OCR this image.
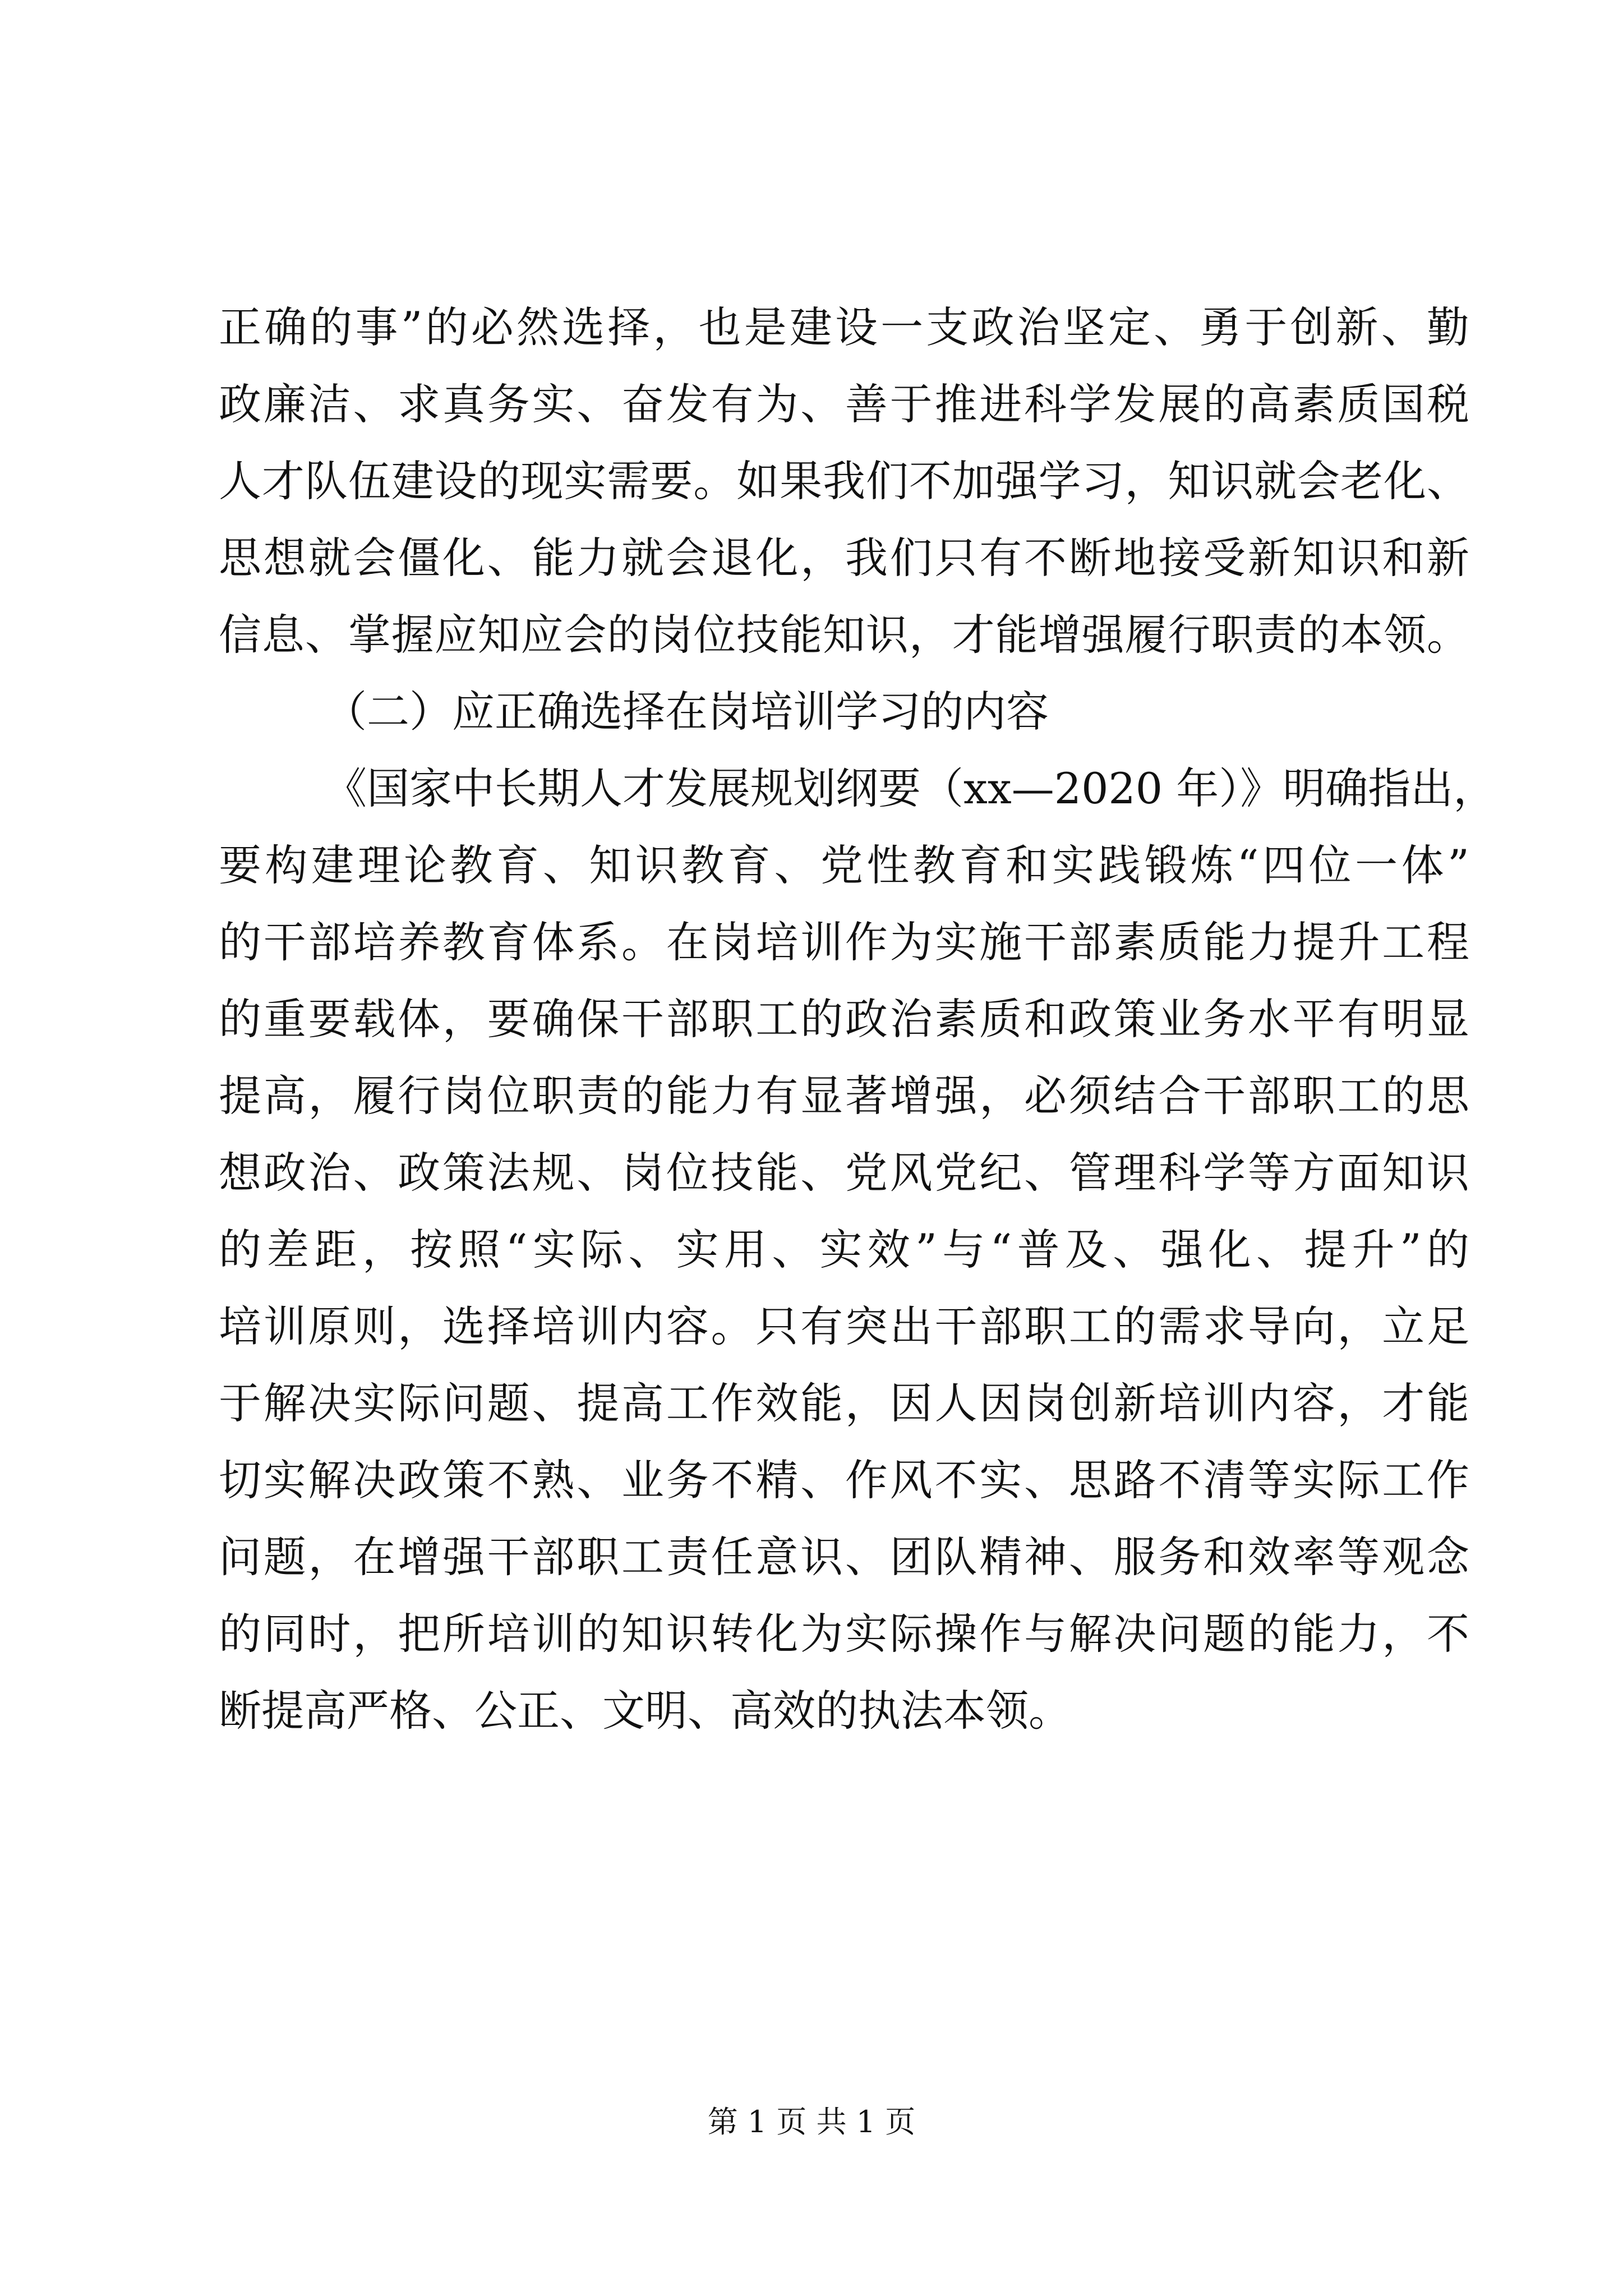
正确的事”的必然选择，也是建设一支政治坚定、勇于创新、勤
政廉洁、求真务实、奋发有为、善于推进科学发展的高素质国税
人才队伍建设的现实需要。如果我们不加强学习，知识就会老化、
思想就会僵化、能力就会退化，我们只有不断地接受新知识和新
信息、掌握应知应会的岗位技能知识，才能增强履行职责的本领。
（二）应正确选择在岗培训学习的内容
《国家中长期人才发展规划纲要（xx—2020 年）》明确指出，
要构建理论教育、知识教育、党性教育和实践锻炼“四位一体”
的干部培养教育体系。在岗培训作为实施干部素质能力提升工程
的重要载体，要确保干部职工的政治素质和政策业务水平有明显
提高，履行岗位职责的能力有显著增强，必须结合干部职工的思
想政治、政策法规、岗位技能、党风党纪、管理科学等方面知识
的差距，按照“实际、实用、实效”与“普及、强化、提升”的
培训原则，选择培训内容。只有突出干部职工的需求导向，立足
于解决实际问题、提高工作效能，因人因岗创新培训内容，才能
切实解决政策不熟、业务不精、作风不实、思路不清等实际工作
问题，在增强干部职工责任意识、团队精神、服务和效率等观念
的同时，把所培训的知识转化为实际操作与解决问题的能力，不
断提高严格、公正、文明、高效的执法本领。
第 1 页 共 1 页
